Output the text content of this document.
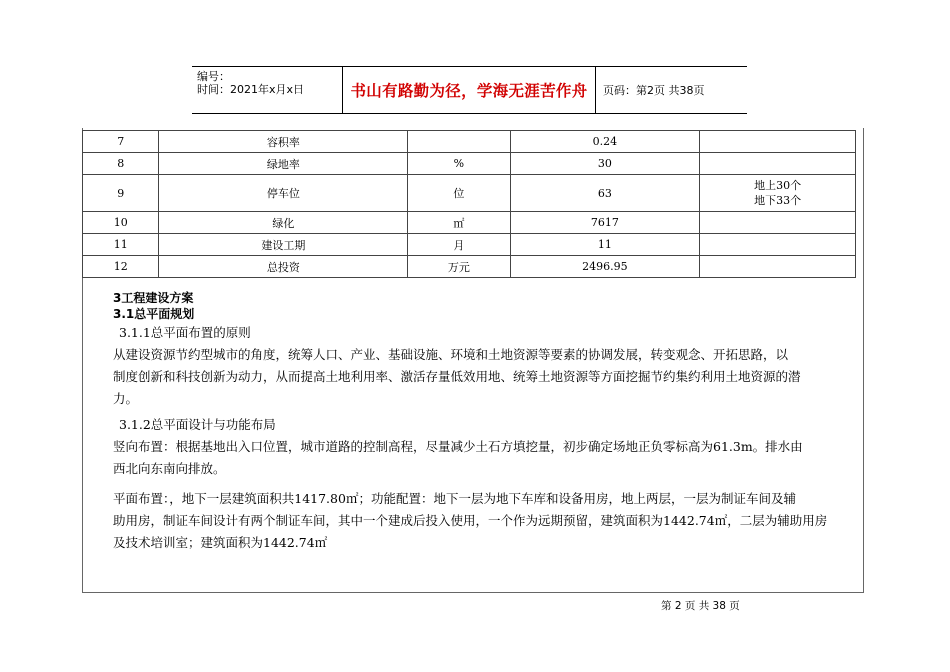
编号：
时间：2021年x月x日	书山有路勤为径，学海无涯苦作舟	页码：第2页 共38页
7	容积率		0.24	
8	绿地率	%	30	
9	停车位	位	63	地上30个
地下33个

10	绿化	㎡	7617	
11	建设工期	月	11	
12	总投资	万元	2496.95	

3工程建设方案

3.1总平面规划

3.1.1总平面布置的原则

从建设资源节约型城市的角度，统筹人口、产业、基础设施、环境和土地资源等要素的协调发展，转变观念、开拓思路，以

制度创新和科技创新为动力，从而提高土地利用率、激活存量低效用地、统筹土地资源等方面挖掘节约集约利用土地资源的潜

力。

3.1.2总平面设计与功能布局

竖向布置：根据基地出入口位置，城市道路的控制高程，尽量减少土石方填挖量，初步确定场地正负零标高为61.3m。排水由

西北向东南向排放。

平面布置：，地下一层建筑面积共1417.80㎡；功能配置：地下一层为地下车库和设备用房，地上两层，一层为制证车间及辅

助用房，制证车间设计有两个制证车间，其中一个建成后投入使用，一个作为远期预留，建筑面积为1442.74㎡，二层为辅助用房

及技术培训室；建筑面积为1442.74㎡

第 2 页 共 38 页
